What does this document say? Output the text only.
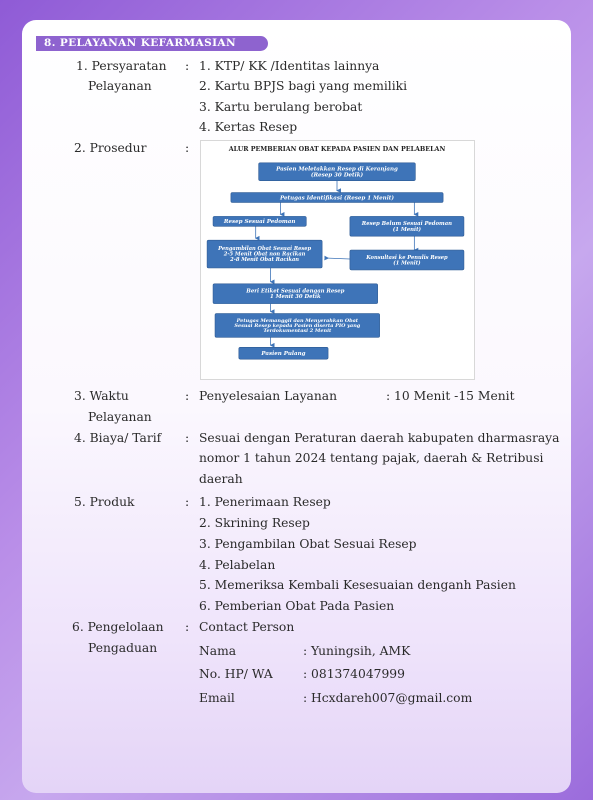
8. PELAYANAN KEFARMASIAN
1. Persyaratan
Pelayanan
: 1. KTP/ KK /Identitas lainnya
2. Kartu BPJS bagi yang memiliki
3. Kartu berulang berobat
4. Kertas Resep
2. Prosedur	:	ALUR PEMBERIAN OBAT KEPADA PASIEN DAN PELABELAN
Pasien Meletakkan Resep di Keranjang
(Resep 30 Detik)
Petugas Identifikasi (Resep 1 Menit)
Resep Sesuai Pedoman	Resep Belum Sesuai Pedoman
(1 Menit)
Pengambilan Obat Sesuai Resep
2-5 Menit Obat non Racikan
2-8 Menit Obat Racikan	Konsultasi ke Penulis Resep
(1 Menit)
Beri Etiket Sesuai dengan Resep
1 Menit 30 Detik
Petugas Memanggil dan Menyerahkan Obat
Sesuai Resep kepada Pasien diserta PIO yang
Terdokumentasi 2 Menit
Pasien Pulang
3. Waktu
Pelayanan
: Penyelesaian Layanan	: 10 Menit -15 Menit
4. Biaya/ Tarif : Sesuai dengan Peraturan daerah kabupaten dharmasraya
nomor 1 tahun 2024 tentang pajak, daerah & Retribusi
daerah
5. Produk	: 1. Penerimaan Resep
2. Skrining Resep
3. Pengambilan Obat Sesuai Resep
4. Pelabelan
5. Memeriksa Kembali Kesesuaian denganh Pasien
6. Pemberian Obat Pada Pasien
6. Pengelolaan
Pengaduan
: Contact Person
Nama	: Yuningsih, AMK
No. HP/ WA : 081374047999
Email	: Hcxdareh007@gmail.com
